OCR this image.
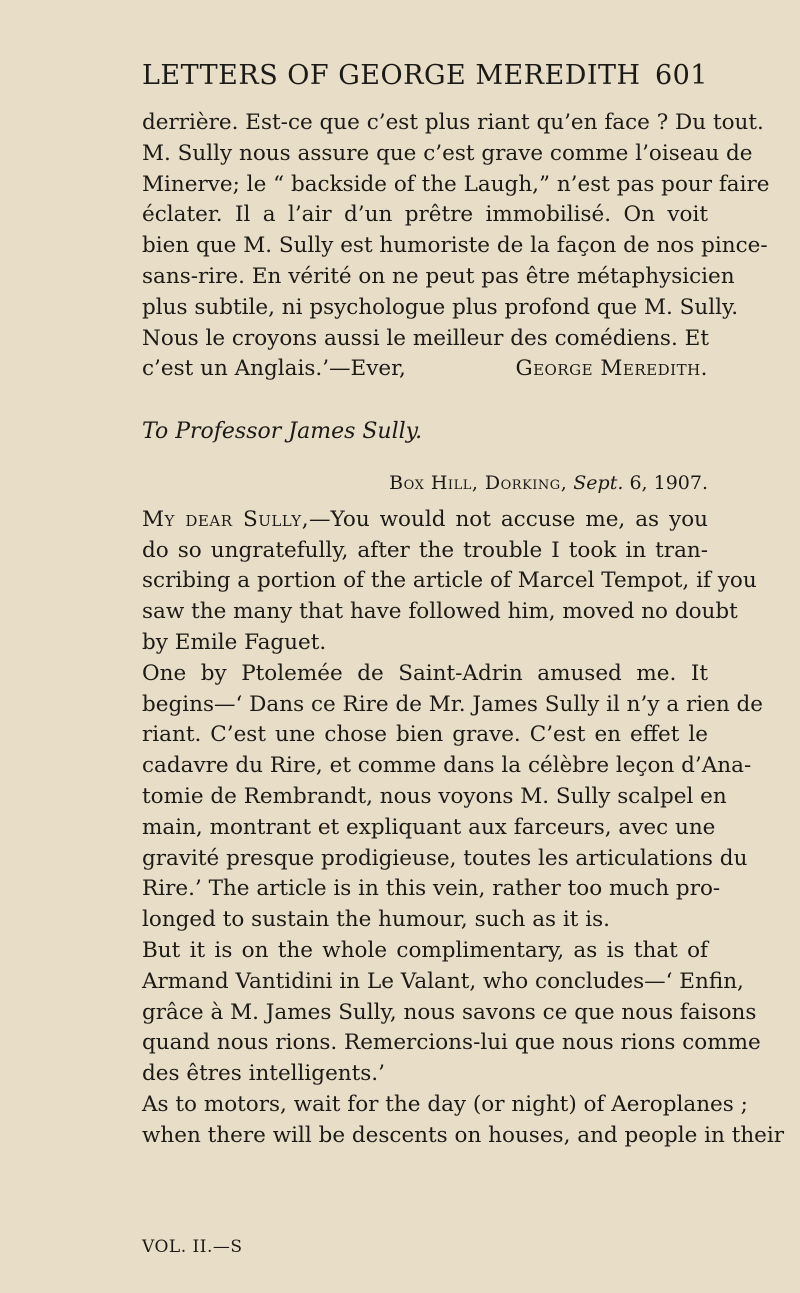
LETTERS OF GEORGE MEREDITH 601
derrière. Est-ce que c’est plus riant qu’en face ? Du tout.
M. Sully nous assure que c’est grave comme l’oiseau de
Minerve; le “ backside of the Laugh,” n’est pas pour faire
éclater. Il a l’air d’un prêtre immobilisé. On voit
bien que M. Sully est humoriste de la façon de nos pince-
sans-rire. En vérité on ne peut pas être métaphysicien
plus subtile, ni psychologue plus profond que M. Sully.
Nous le croyons aussi le meilleur des comédiens. Et
c’est un Anglais.’—Ever,	George Meredith.
To Professor James Sully.
Box Hill, Dorking, Sept. 6, 1907.
My dear Sully,—You would not accuse me, as you
do so ungratefully, after the trouble I took in tran-
scribing a portion of the article of Marcel Tempot, if you
saw the many that have followed him, moved no doubt
by Emile Faguet.
One by Ptolemée de Saint-Adrin amused me. It
begins—‘ Dans ce Rire de Mr. James Sully il n’y a rien de
riant. C’est une chose bien grave. C’est en effet le
cadavre du Rire, et comme dans la célèbre leçon d’Ana-
tomie de Rembrandt, nous voyons M. Sully scalpel en
main, montrant et expliquant aux farceurs, avec une
gravité presque prodigieuse, toutes les articulations du
Rire.’ The article is in this vein, rather too much pro-
longed to sustain the humour, such as it is.
But it is on the whole complimentary, as is that of
Armand Vantidini in Le Valant, who concludes—‘ Enfin,
grâce à M. James Sully, nous savons ce que nous faisons
quand nous rions. Remercions-lui que nous rions comme
des êtres intelligents.’
As to motors, wait for the day (or night) of Aeroplanes ;
when there will be descents on houses, and people in their
VOL. II.—S
